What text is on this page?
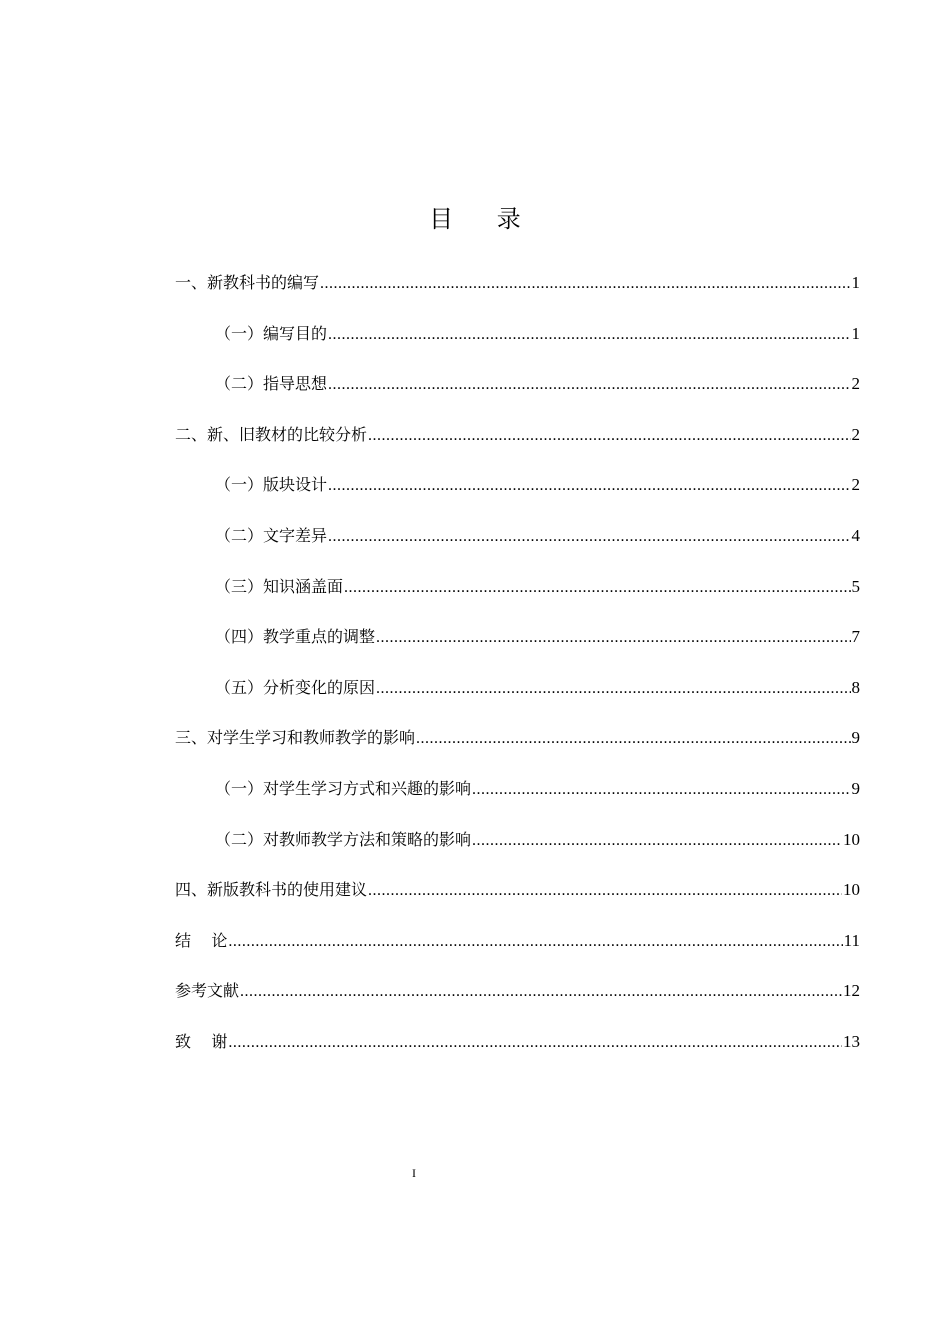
目 录
一、新教科书的编写 .....	1
（一）编写目的 .....	1
（二）指导思想 .....	2
二、新、旧教材的比较分析 .....	2
（一）版块设计 .....	2
（二）文字差异 .....	4
（三）知识涵盖面 .....	5
（四）教学重点的调整 .....	7
（五）分析变化的原因 .....	8
三、对学生学习和教师教学的影响 .....	9
（一）对学生学习方式和兴趣的影响 .....	9
（二）对教师教学方法和策略的影响 .....	10
四、新版教科书的使用建议 .....	10
结    论 .....	11
参考文献 .....	12
致    谢 .....	13
I
